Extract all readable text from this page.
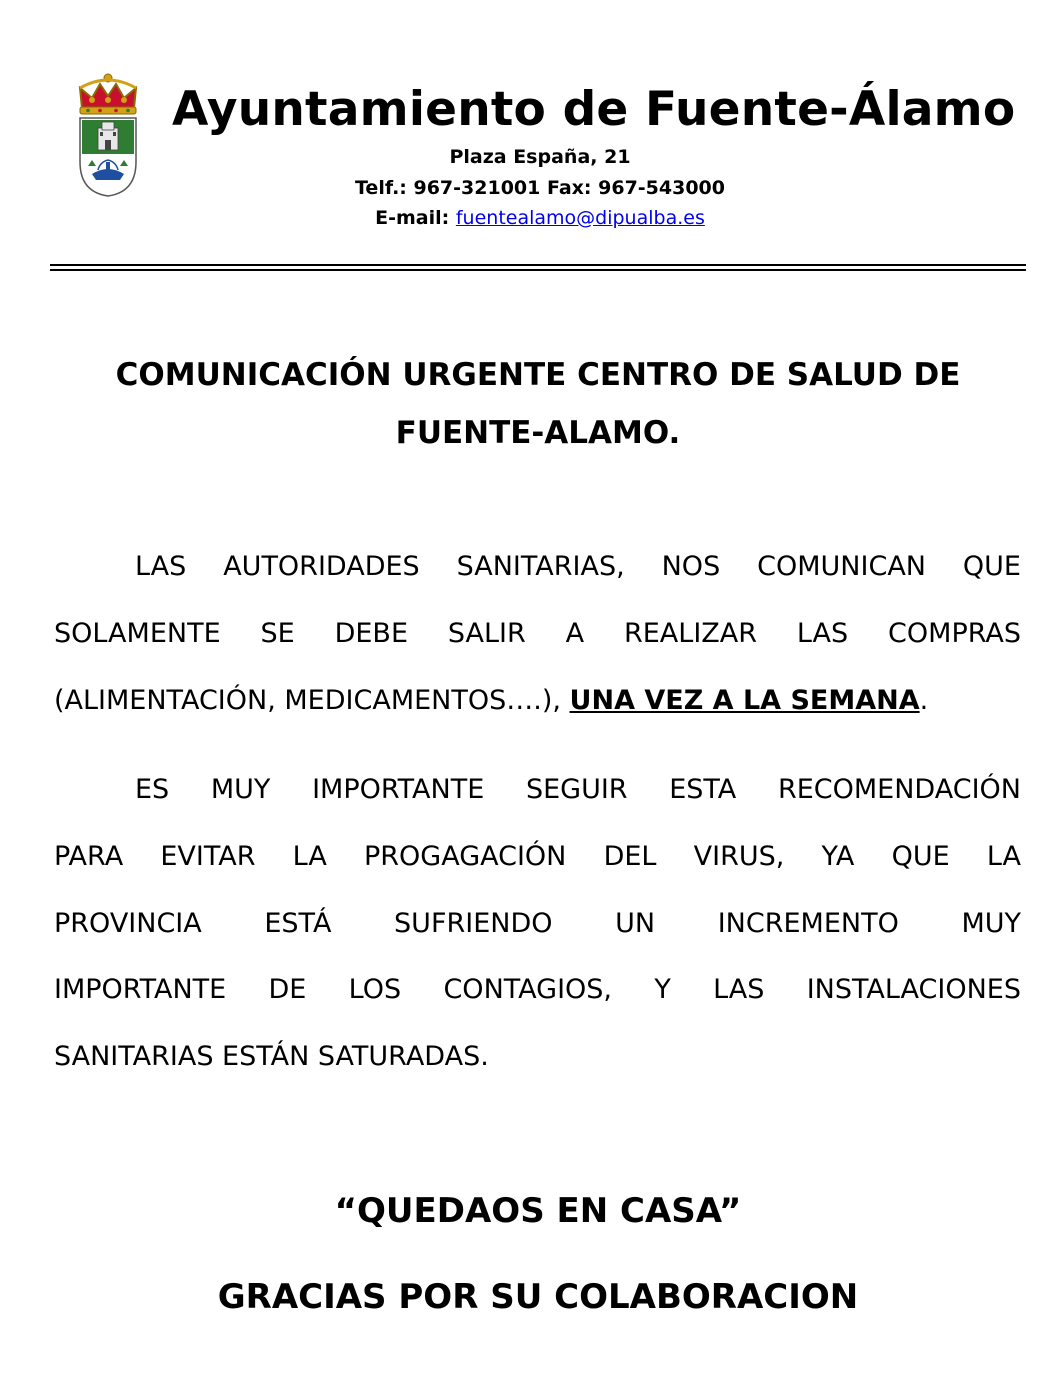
Ayuntamiento de Fuente-Álamo
Plaza España, 21
Telf.: 967-321001 Fax: 967-543000
E-mail: fuentealamo@dipualba.es
COMUNICACIÓN URGENTE CENTRO DE SALUD DE
FUENTE-ALAMO.
LAS AUTORIDADES SANITARIAS, NOS COMUNICAN QUE
SOLAMENTE SE DEBE SALIR A REALIZAR LAS COMPRAS
(ALIMENTACIÓN, MEDICAMENTOS….), UNA VEZ A LA SEMANA.
ES MUY IMPORTANTE SEGUIR ESTA RECOMENDACIÓN
PARA EVITAR LA PROGAGACIÓN DEL VIRUS, YA QUE LA
PROVINCIA ESTÁ SUFRIENDO UN INCREMENTO MUY
IMPORTANTE DE LOS CONTAGIOS, Y LAS INSTALACIONES
SANITARIAS ESTÁN SATURADAS.
“QUEDAOS EN CASA”
GRACIAS POR SU COLABORACION
